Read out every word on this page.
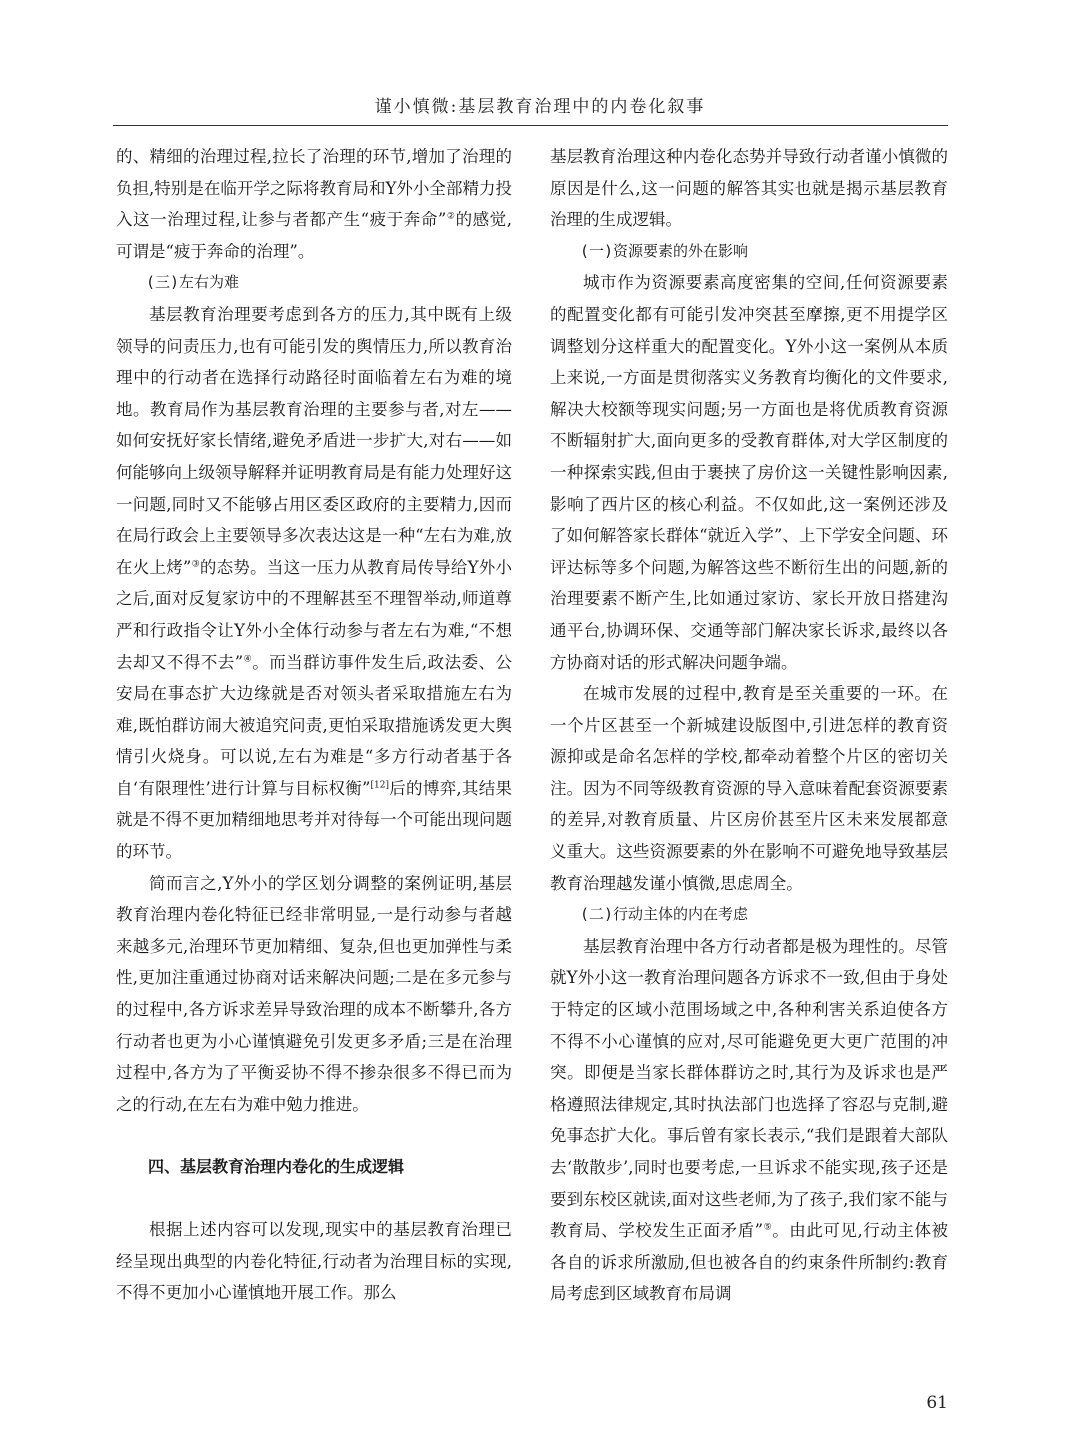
谨小慎微:基层教育治理中的内卷化叙事

的、精细的治理过程,拉长了治理的环节,增加了治理的负担,特别是在临开学之际将教育局和Y外小全部精力投入这一治理过程,让参与者都产生“疲于奔命”②的感觉,可谓是“疲于奔命的治理”。

(三)左右为难

基层教育治理要考虑到各方的压力,其中既有上级领导的问责压力,也有可能引发的舆情压力,所以教育治理中的行动者在选择行动路径时面临着左右为难的境地。教育局作为基层教育治理的主要参与者,对左——如何安抚好家长情绪,避免矛盾进一步扩大,对右——如何能够向上级领导解释并证明教育局是有能力处理好这一问题,同时又不能够占用区委区政府的主要精力,因而在局行政会上主要领导多次表达这是一种“左右为难,放在火上烤”③的态势。当这一压力从教育局传导给Y外小之后,面对反复家访中的不理解甚至不理智举动,师道尊严和行政指令让Y外小全体行动参与者左右为难,“不想去却又不得不去”④。而当群访事件发生后,政法委、公安局在事态扩大边缘就是否对领头者采取措施左右为难,既怕群访闹大被追究问责,更怕采取措施诱发更大舆情引火烧身。可以说,左右为难是“多方行动者基于各自‘有限理性’进行计算与目标权衡”[12]后的博弈,其结果就是不得不更加精细地思考并对待每一个可能出现问题的环节。

简而言之,Y外小的学区划分调整的案例证明,基层教育治理内卷化特征已经非常明显,一是行动参与者越来越多元,治理环节更加精细、复杂,但也更加弹性与柔性,更加注重通过协商对话来解决问题;二是在多元参与的过程中,各方诉求差异导致治理的成本不断攀升,各方行动者也更为小心谨慎避免引发更多矛盾;三是在治理过程中,各方为了平衡妥协不得不掺杂很多不得已而为之的行动,在左右为难中勉力推进。

四、基层教育治理内卷化的生成逻辑

根据上述内容可以发现,现实中的基层教育治理已经呈现出典型的内卷化特征,行动者为治理目标的实现,不得不更加小心谨慎地开展工作。那么

基层教育治理这种内卷化态势并导致行动者谨小慎微的原因是什么,这一问题的解答其实也就是揭示基层教育治理的生成逻辑。

(一)资源要素的外在影响

城市作为资源要素高度密集的空间,任何资源要素的配置变化都有可能引发冲突甚至摩擦,更不用提学区调整划分这样重大的配置变化。Y外小这一案例从本质上来说,一方面是贯彻落实义务教育均衡化的文件要求,解决大校额等现实问题;另一方面也是将优质教育资源不断辐射扩大,面向更多的受教育群体,对大学区制度的一种探索实践,但由于裹挟了房价这一关键性影响因素,影响了西片区的核心利益。不仅如此,这一案例还涉及了如何解答家长群体“就近入学”、上下学安全问题、环评达标等多个问题,为解答这些不断衍生出的问题,新的治理要素不断产生,比如通过家访、家长开放日搭建沟通平台,协调环保、交通等部门解决家长诉求,最终以各方协商对话的形式解决问题争端。

在城市发展的过程中,教育是至关重要的一环。在一个片区甚至一个新城建设版图中,引进怎样的教育资源抑或是命名怎样的学校,都牵动着整个片区的密切关注。因为不同等级教育资源的导入意味着配套资源要素的差异,对教育质量、片区房价甚至片区未来发展都意义重大。这些资源要素的外在影响不可避免地导致基层教育治理越发谨小慎微,思虑周全。

(二)行动主体的内在考虑

基层教育治理中各方行动者都是极为理性的。尽管就Y外小这一教育治理问题各方诉求不一致,但由于身处于特定的区域小范围场域之中,各种利害关系迫使各方不得不小心谨慎的应对,尽可能避免更大更广范围的冲突。即便是当家长群体群访之时,其行为及诉求也是严格遵照法律规定,其时执法部门也选择了容忍与克制,避免事态扩大化。事后曾有家长表示,“我们是跟着大部队去‘散散步’,同时也要考虑,一旦诉求不能实现,孩子还是要到东校区就读,面对这些老师,为了孩子,我们家不能与教育局、学校发生正面矛盾”⑤。由此可见,行动主体被各自的诉求所激励,但也被各自的约束条件所制约:教育局考虑到区域教育布局调

61
